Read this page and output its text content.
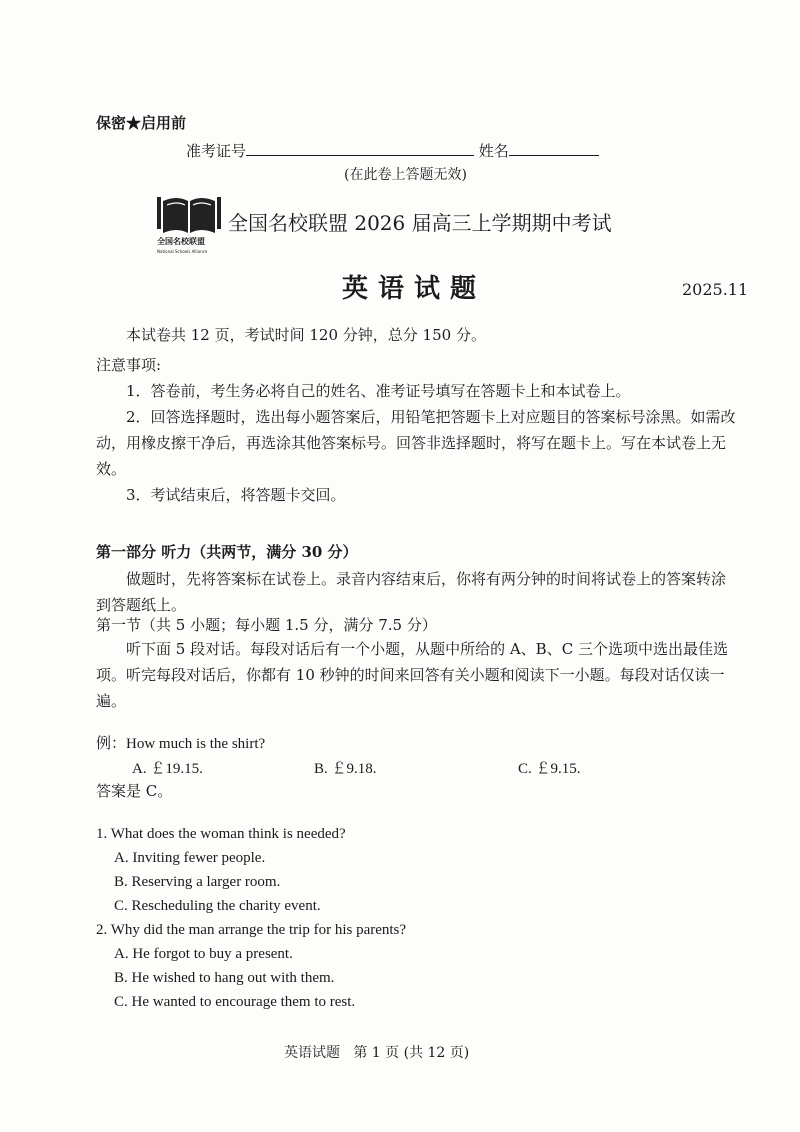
保密★启用前
准考证号	姓名
(在此卷上答题无效)
全国名校联盟
National Schools Alliance
全国名校联盟 2026 届高三上学期期中考试
英语试题	2025.11
本试卷共 12 页，考试时间 120 分钟，总分 150 分。
注意事项:
1．答卷前，考生务必将自己的姓名、准考证号填写在答题卡上和本试卷上。
2．回答选择题时，选出每小题答案后，用铅笔把答题卡上对应题目的答案标号涂黑。如需改动，用橡皮擦干净后，再选涂其他答案标号。回答非选择题时，将写在题卡上。写在本试卷上无效。
3．考试结束后，将答题卡交回。
第一部分 听力（共两节，满分 30 分）
做题时，先将答案标在试卷上。录音内容结束后，你将有两分钟的时间将试卷上的答案转涂到答题纸上。
第一节（共 5 小题；每小题 1.5 分，满分 7.5 分）
听下面 5 段对话。每段对话后有一个小题，从题中所给的 A、B、C 三个选项中选出最佳选项。听完每段对话后，你都有 10 秒钟的时间来回答有关小题和阅读下一小题。每段对话仅读一遍。
例：How much is the shirt?
A. ￡19.15.	B. ￡9.18.	C. ￡9.15.
答案是 C。
1. What does the woman think is needed?
A. Inviting fewer people.
B. Reserving a larger room.
C. Rescheduling the charity event.
2. Why did the man arrange the trip for his parents?
A. He forgot to buy a present.
B. He wished to hang out with them.
C. He wanted to encourage them to rest.
英语试题   第 1 页 (共 12 页)
